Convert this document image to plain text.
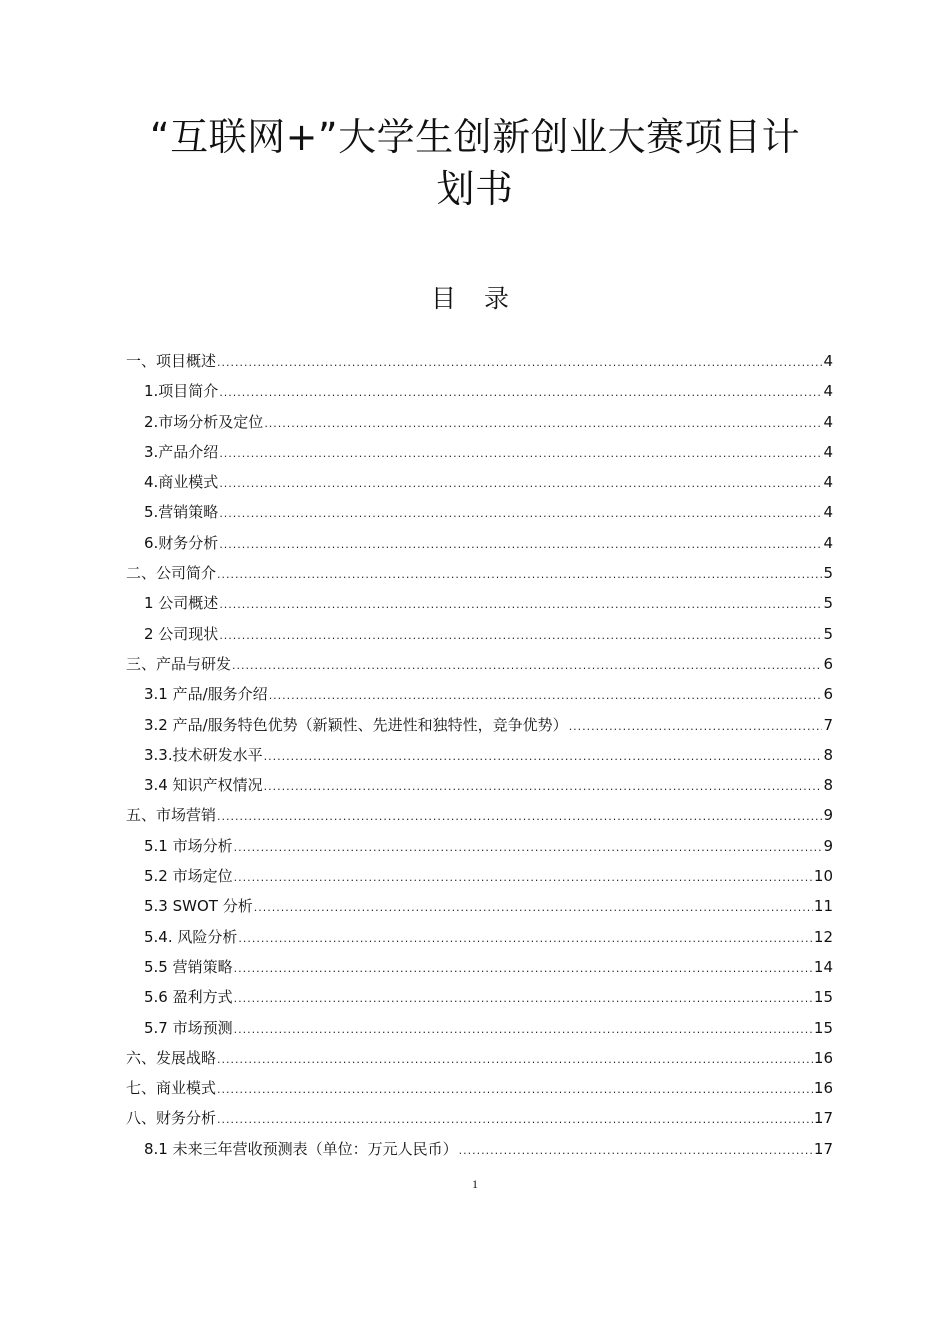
“互联网+”大学生创新创业大赛项目计
划书
目 录
一、项目概述 .....	4
1.项目简介 .....	4
2.市场分析及定位 .....	4
3.产品介绍 .....	4
4.商业模式 .....	4
5.营销策略 .....	4
6.财务分析 .....	4
二、公司简介 .....	5
1 公司概述 .....	5
2 公司现状 .....	5
三、产品与研发 .....	6
3.1 产品/服务介绍 .....	6
3.2 产品/服务特色优势（新颖性、先进性和独特性，竞争优势） .....	7
3.3.技术研发水平 .....	8
3.4 知识产权情况 .....	8
五、市场营销 .....	9
5.1 市场分析 .....	9
5.2 市场定位 .....	10
5.3 SWOT 分析 .....	11
5.4. 风险分析 .....	12
5.5 营销策略 .....	14
5.6 盈利方式 .....	15
5.7 市场预测 .....	15
六、发展战略 .....	16
七、商业模式 .....	16
八、财务分析 .....	17
8.1 未来三年营收预测表（单位：万元人民币） .....	17
1
